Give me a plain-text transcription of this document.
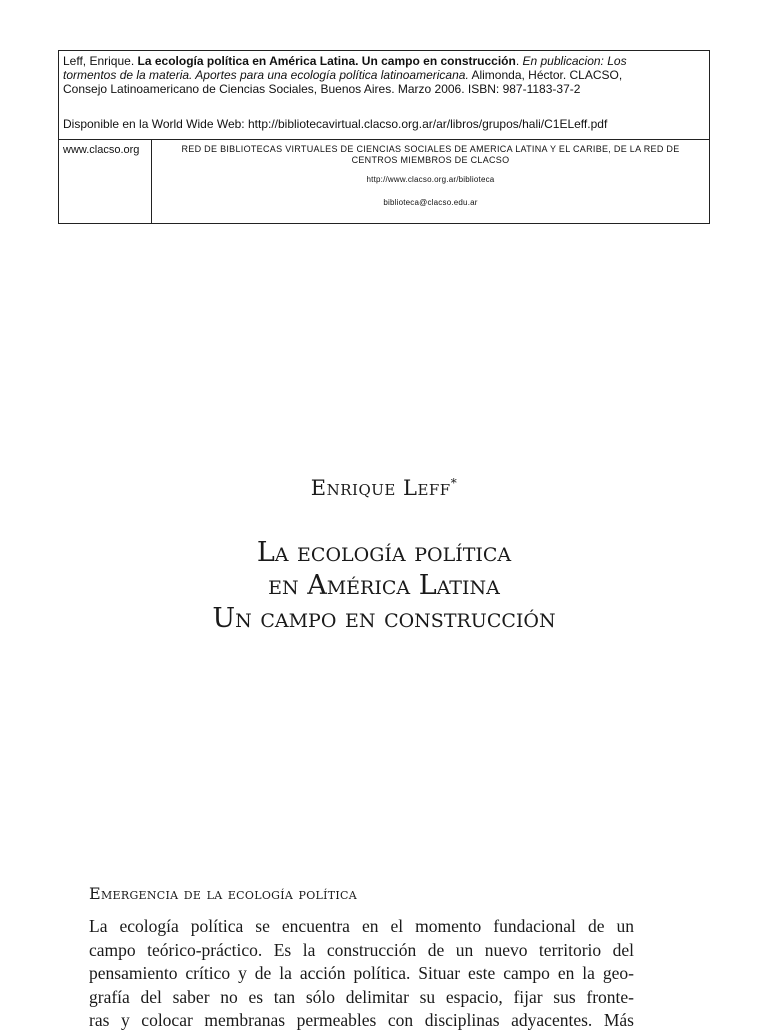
Leff, Enrique. La ecología política en América Latina. Un campo en construcción. En publicacion: Los
tormentos de la materia. Aportes para una ecología política latinoamericana. Alimonda, Héctor. CLACSO,
Consejo Latinoamericano de Ciencias Sociales, Buenos Aires. Marzo 2006. ISBN: 987-1183-37-2
Disponible en la World Wide Web: http://bibliotecavirtual.clacso.org.ar/ar/libros/grupos/hali/C1ELeff.pdf
www.clacso.org	RED DE BIBLIOTECAS VIRTUALES DE CIENCIAS SOCIALES DE AMERICA LATINA Y EL CARIBE, DE LA RED DE CENTROS MIEMBROS DE CLACSO
http://www.clacso.org.ar/biblioteca
biblioteca@clacso.edu.ar
Enrique Leff*
La ecología política
en América Latina
Un campo en construcción
Emergencia de la ecología política
La ecología política se encuentra en el momento fundacional de un
campo teórico-práctico. Es la construcción de un nuevo territorio del
pensamiento crítico y de la acción política. Situar este campo en la geo-
grafía del saber no es tan sólo delimitar su espacio, fijar sus fronte-
ras y colocar membranas permeables con disciplinas adyacentes. Más
